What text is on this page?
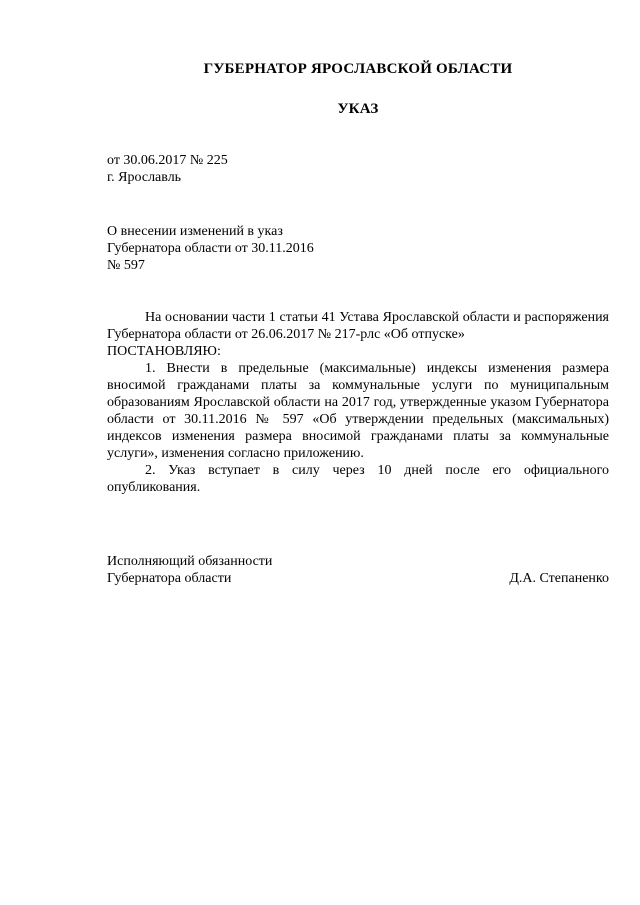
ГУБЕРНАТОР ЯРОСЛАВСКОЙ ОБЛАСТИ
УКАЗ
от 30.06.2017 № 225
г. Ярославль
О внесении изменений в указ
Губернатора области от 30.11.2016
№ 597

На основании части 1 статьи 41 Устава Ярославской области и распоряжения Губернатора области от 26.06.2017 № 217-рлс «Об отпуске»

ПОСТАНОВЛЯЮ:

1. Внести в предельные (максимальные) индексы изменения размера вносимой гражданами платы за коммунальные услуги по муниципальным образованиям Ярославской области на 2017 год, утвержденные указом Губернатора области от 30.11.2016 № 597 «Об утверждении предельных (максимальных) индексов изменения размера вносимой гражданами платы за коммунальные услуги», изменения согласно приложению.

2. Указ вступает в силу через 10 дней после его официального опубликования.

Исполняющий обязанности
Губернатора области	Д.А. Степаненко
